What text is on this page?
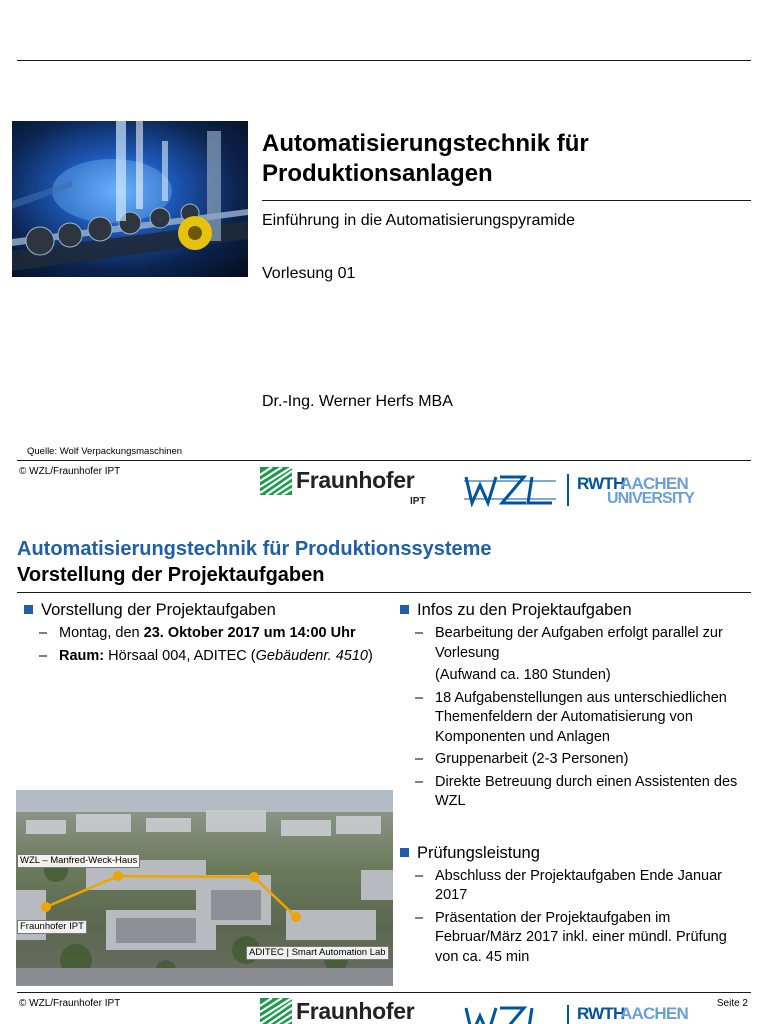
Automatisierungstechnik für Produktionsanlagen
Einführung in die Automatisierungspyramide
Vorlesung 01
Dr.-Ing. Werner Herfs MBA
Quelle: Wolf Verpackungsmaschinen
© WZL/Fraunhofer IPT	Fraunhofer
IPT
RWTH
AACHEN
UNIVERSITY
Automatisierungstechnik für Produktionssysteme
Vorstellung der Projektaufgaben
Vorstellung der Projektaufgaben
– Montag, den 23. Oktober 2017 um 14:00 Uhr
– Raum: Hörsaal 004, ADITEC (Gebäudenr. 4510)
Infos zu den Projektaufgaben
– Bearbeitung der Aufgaben erfolgt parallel zur Vorlesung
(Aufwand ca. 180 Stunden)
– 18 Aufgabenstellungen aus unterschiedlichen Themenfeldern der Automatisierung von Komponenten und Anlagen
– Gruppenarbeit (2-3 Personen)
– Direkte Betreuung durch einen Assistenten des WZL
Prüfungsleistung
– Abschluss der Projektaufgaben Ende Januar 2017
– Präsentation der Projektaufgaben im Februar/März 2017 inkl. einer mündl. Prüfung von ca. 45 min
WZL – Manfred-Weck-Haus
Fraunhofer IPT
ADITEC | Smart Automation Lab
© WZL/Fraunhofer IPT	Seite 2
Fraunhofer	RWTH
AACHEN
